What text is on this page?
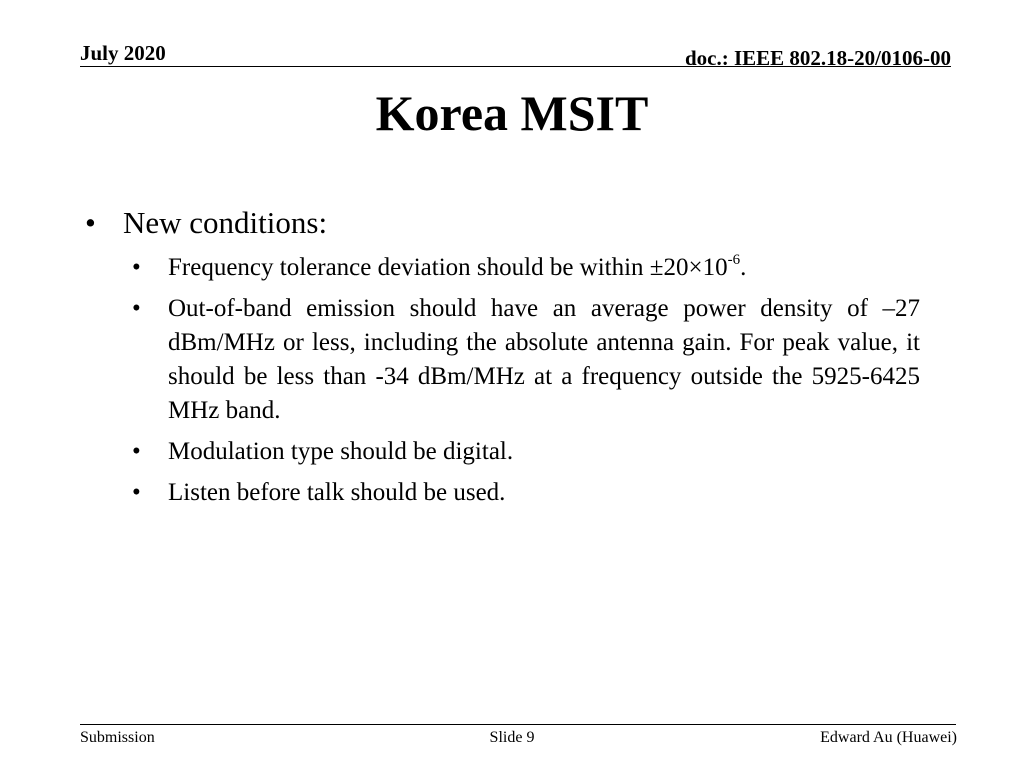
July 2020	doc.: IEEE 802.18-20/0106-00
Korea MSIT
• New conditions:
• Frequency tolerance deviation should be within $\pm 20\times 10^{-6}$.
• Out-of-band emission should have an average power density of –27 dBm/MHz or less, including the absolute antenna gain. For peak value, it should be less than -34 dBm/MHz at a frequency outside the 5925-6425 MHz band.
• Modulation type should be digital.
• Listen before talk should be used.
Submission	Slide 9	Edward Au (Huawei)
